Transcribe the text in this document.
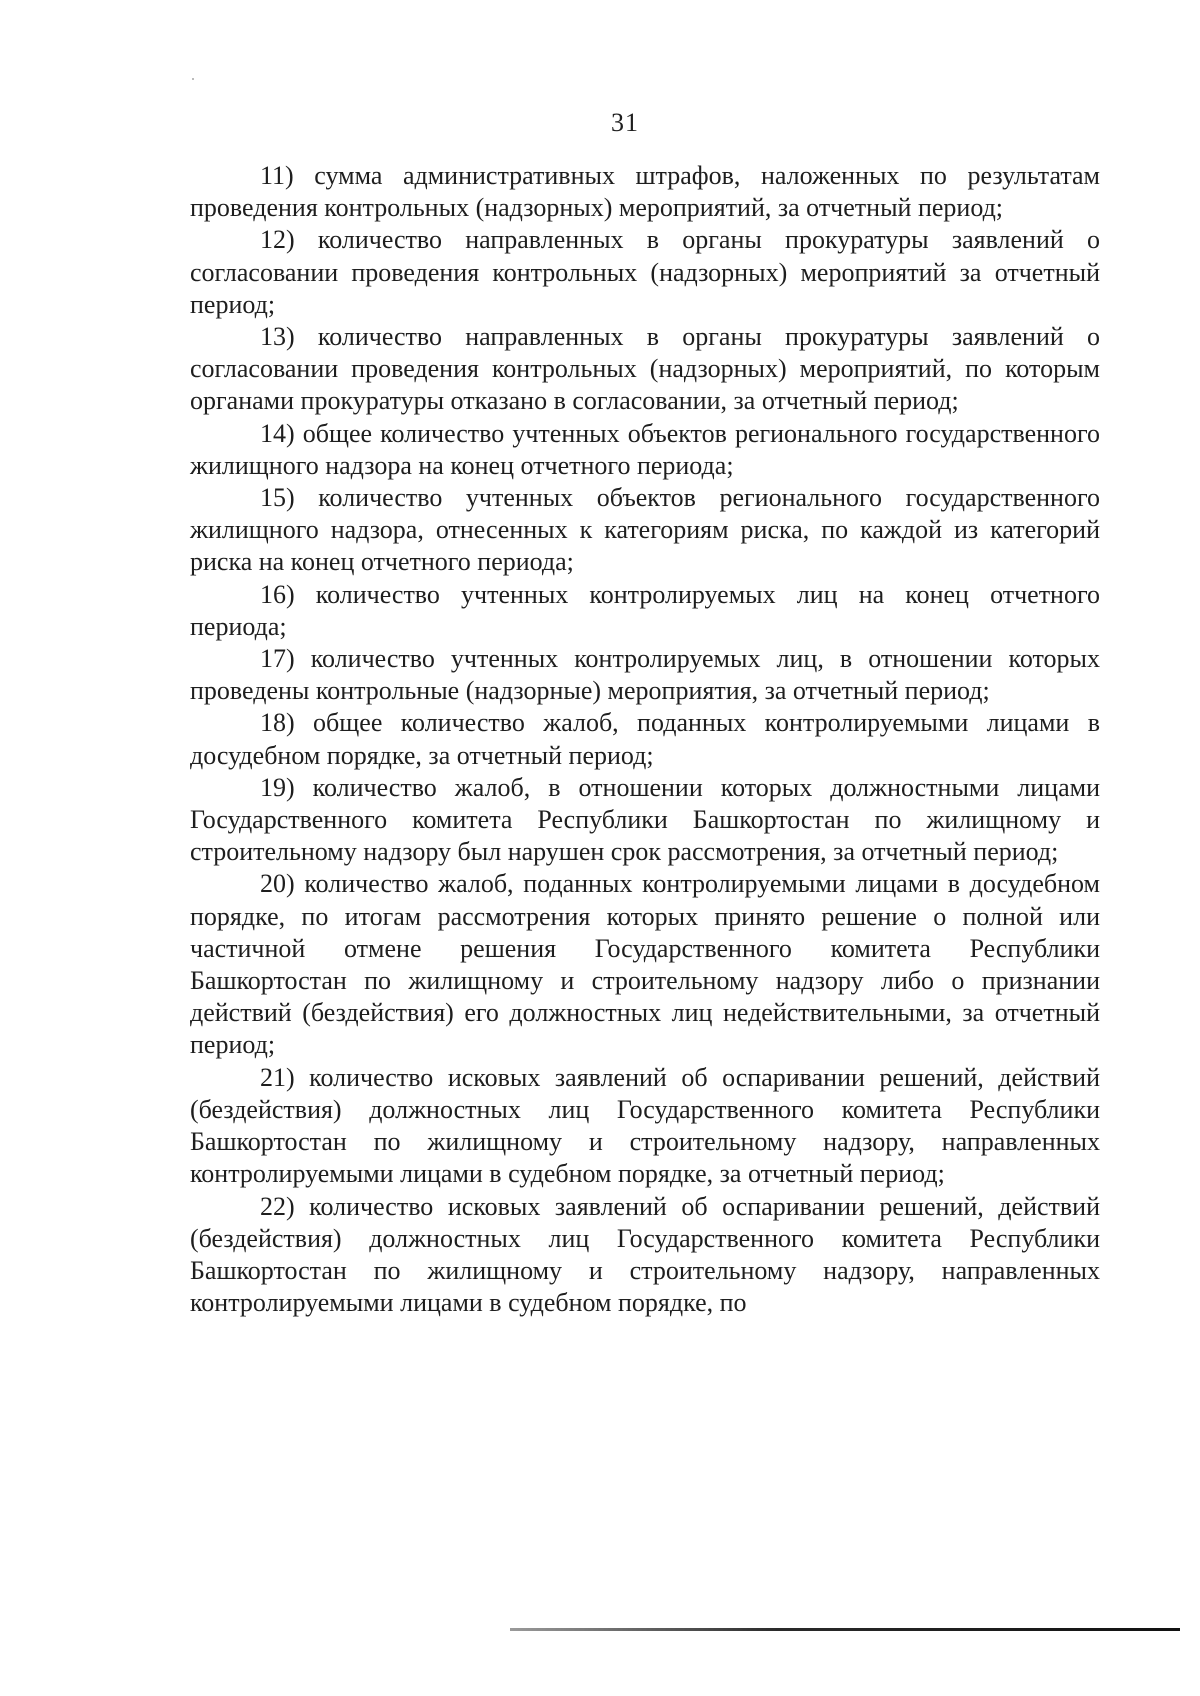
31

11) сумма административных штрафов, наложенных по результатам проведения контрольных (надзорных) мероприятий, за отчетный период;

12) количество направленных в органы прокуратуры заявлений о согласовании проведения контрольных (надзорных) мероприятий за отчетный период;

13) количество направленных в органы прокуратуры заявлений о согласовании проведения контрольных (надзорных) мероприятий, по которым органами прокуратуры отказано в согласовании, за отчетный период;

14) общее количество учтенных объектов регионального государственного жилищного надзора на конец отчетного периода;

15) количество учтенных объектов регионального государственного жилищного надзора, отнесенных к категориям риска, по каждой из категорий риска на конец отчетного периода;

16) количество учтенных контролируемых лиц на конец отчетного периода;

17) количество учтенных контролируемых лиц, в отношении которых проведены контрольные (надзорные) мероприятия, за отчетный период;

18) общее количество жалоб, поданных контролируемыми лицами в досудебном порядке, за отчетный период;

19) количество жалоб, в отношении которых должностными лицами Государственного комитета Республики Башкортостан по жилищному и строительному надзору был нарушен срок рассмотрения, за отчетный период;

20) количество жалоб, поданных контролируемыми лицами в досудебном порядке, по итогам рассмотрения которых принято решение о полной или частичной отмене решения Государственного комитета Республики Башкортостан по жилищному и строительному надзору либо о признании действий (бездействия) его должностных лиц недействительными, за отчетный период;

21) количество исковых заявлений об оспаривании решений, действий (бездействия) должностных лиц Государственного комитета Республики Башкортостан по жилищному и строительному надзору, направленных контролируемыми лицами в судебном порядке, за отчетный период;

22) количество исковых заявлений об оспаривании решений, действий (бездействия) должностных лиц Государственного комитета Республики Башкортостан по жилищному и строительному надзору, направленных контролируемыми лицами в судебном порядке, по
